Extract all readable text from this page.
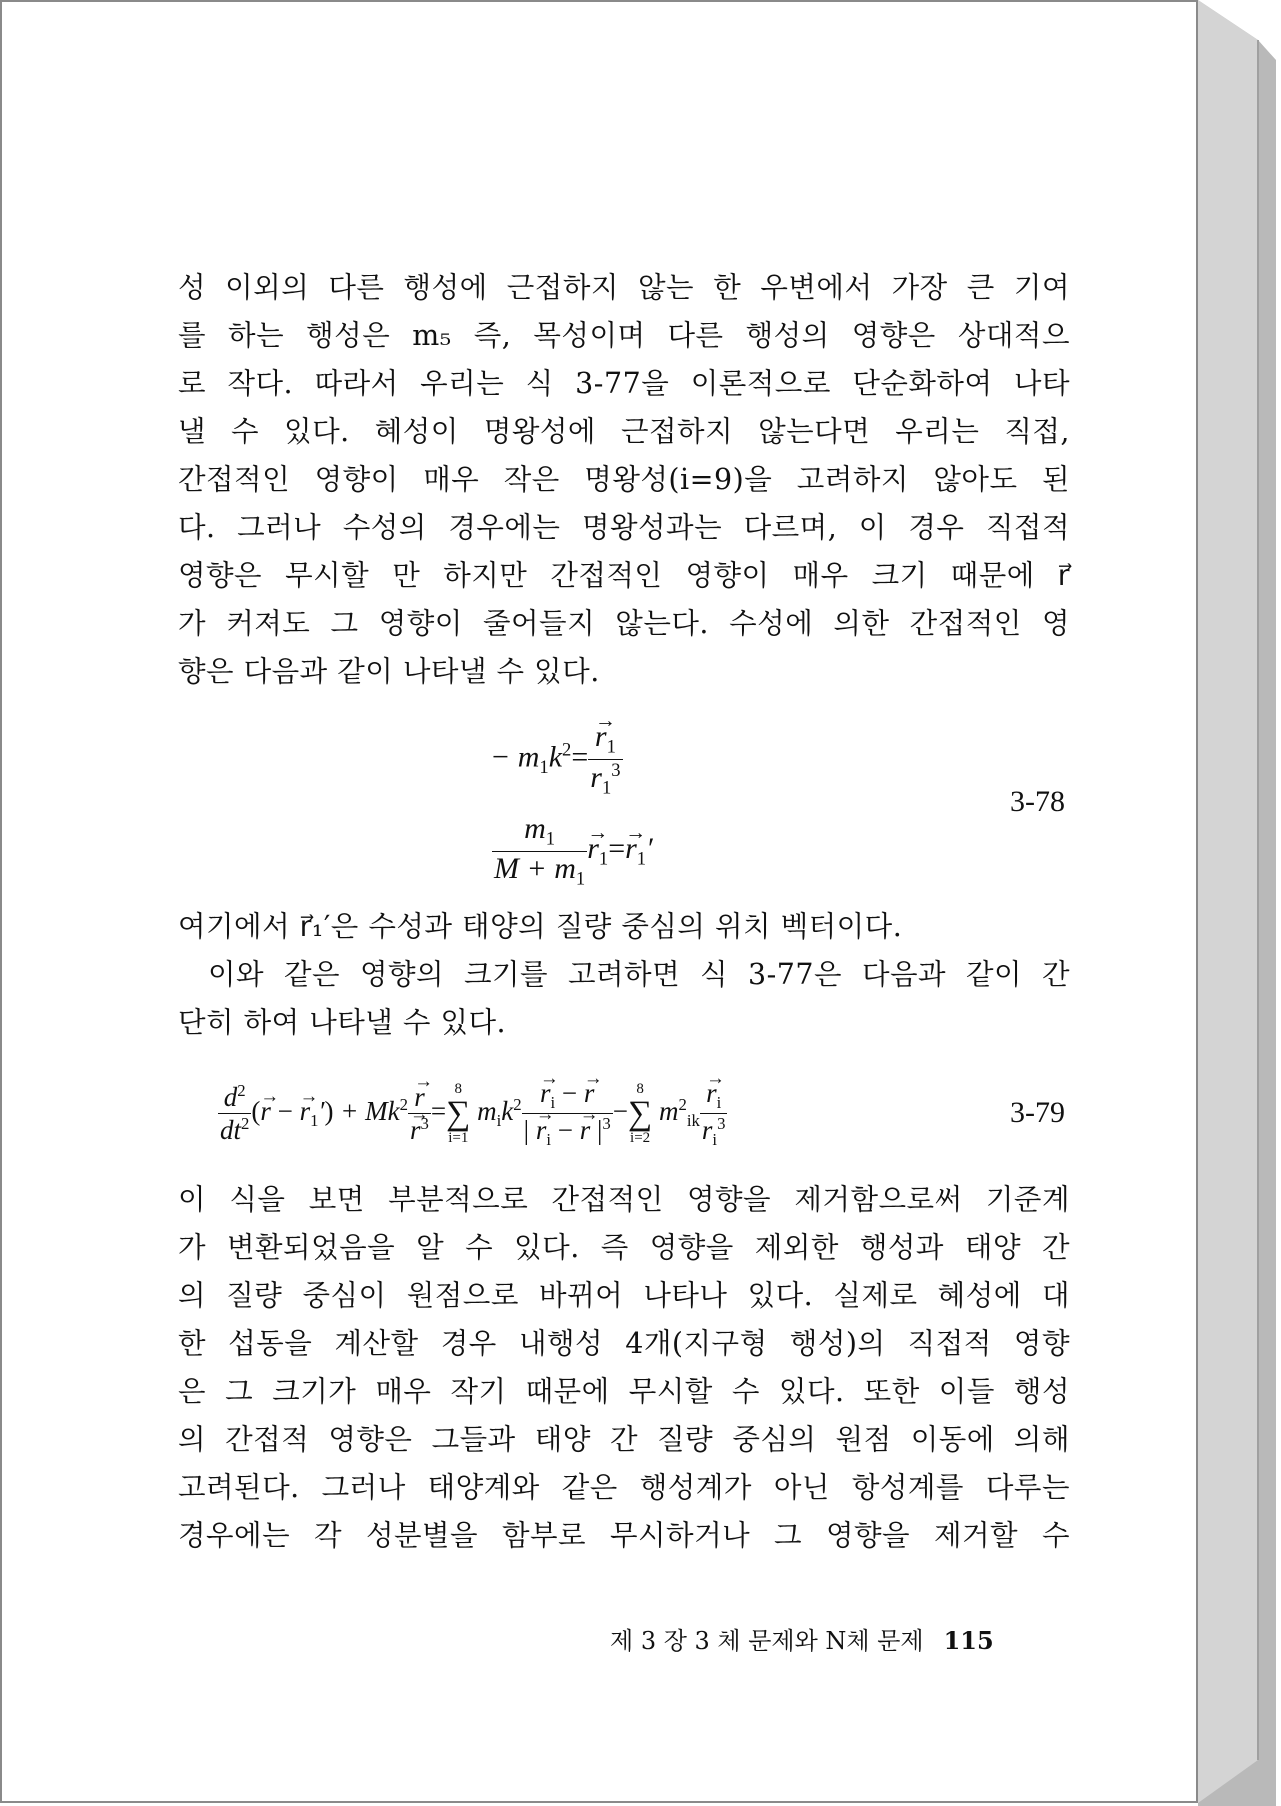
성 이외의 다른 행성에 근접하지 않는 한 우변에서 가장 큰 기여
를 하는 행성은 m₅ 즉, 목성이며 다른 행성의 영향은 상대적으
로 작다. 따라서 우리는 식 3-77을 이론적으로 단순화하여 나타
낼 수 있다. 혜성이 명왕성에 근접하지 않는다면 우리는 직접,
간접적인 영향이 매우 작은 명왕성(i=9)을 고려하지 않아도 된
다. 그러나 수성의 경우에는 명왕성과는 다르며, 이 경우 직접적
영향은 무시할 만 하지만 간접적인 영향이 매우 크기 때문에 r⃗
가 커져도 그 영향이 줄어들지 않는다. 수성에 의한 간접적인 영
향은 다음과 같이 나타낼 수 있다.
− $m_1k^2=$
→ $\frac{r_1}{r_1^3}$
$\frac{m_1}{M + m_1}$
→ $r_1=\to r_1'$
3-78
여기에서 r⃗₁′은 수성과 태양의 질량 중심의 위치 벡터이다.
이와 같은 영향의 크기를 고려하면 식 3-77은 다음과 같이 간
단히 하여 나타낼 수 있다.
$\frac{d^2}{dt^2}$ (→ r − → $r_1') + Mk^2$
→ r
→ $r^3$ =
8
∑
i=1
$m_ik^2$
→ $\frac{r_i - \to r}{| \to r_i - \to r |^3}$ −
8
∑
i=2
$m^2_{ik}$
→ $\frac{r_i}{r_i^3}$	3-79
이 식을 보면 부분적으로 간접적인 영향을 제거함으로써 기준계
가 변환되었음을 알 수 있다. 즉 영향을 제외한 행성과 태양 간
의 질량 중심이 원점으로 바뀌어 나타나 있다. 실제로 혜성에 대
한 섭동을 계산할 경우 내행성 4개(지구형 행성)의 직접적 영향
은 그 크기가 매우 작기 때문에 무시할 수 있다. 또한 이들 행성
의 간접적 영향은 그들과 태양 간 질량 중심의 원점 이동에 의해
고려된다. 그러나 태양계와 같은 행성계가 아닌 항성계를 다루는
경우에는 각 성분별을 함부로 무시하거나 그 영향을 제거할 수
제 3 장 3 체 문제와 N체 문제 115
